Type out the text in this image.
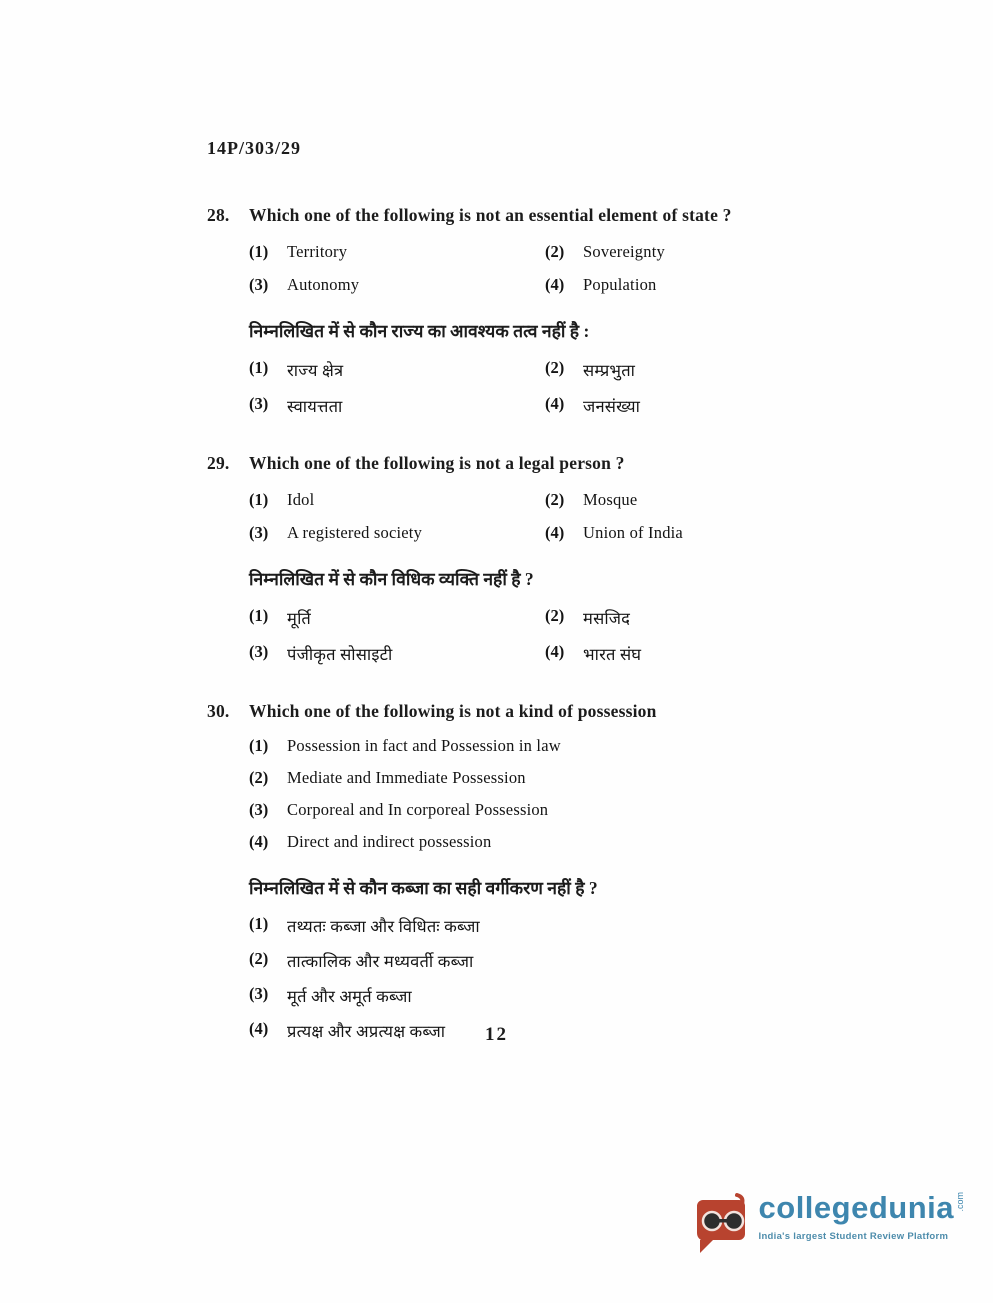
14P/303/29
28.	Which one of the following is not an essential element of state ?
(1)	Territory	(2)	Sovereignty
(3)	Autonomy	(4)	Population
निम्नलिखित में से कौन राज्य का आवश्यक तत्व नहीं है :
(1)	राज्य क्षेत्र	(2)	सम्प्रभुता
(3)	स्वायत्तता	(4)	जनसंख्या
29.	Which one of the following is not a legal person ?
(1)	Idol	(2)	Mosque
(3)	A registered society	(4)	Union of India
निम्नलिखित में से कौन विधिक व्यक्ति नहीं है ?
(1)	मूर्ति	(2)	मसजिद
(3)	पंजीकृत सोसाइटी	(4)	भारत संघ
30.	Which one of the following is not a kind of possession
(1)	Possession in fact and Possession in law
(2)	Mediate and Immediate Possession
(3)	Corporeal and In corporeal Possession
(4)	Direct and indirect possession
निम्नलिखित में से कौन कब्जा का सही वर्गीकरण नहीं है ?
(1)	तथ्यतः कब्जा और विधितः कब्जा
(2)	तात्कालिक और मध्यवर्ती कब्जा
(3)	मूर्त और अमूर्त कब्जा
(4)	प्रत्यक्ष और अप्रत्यक्ष कब्जा	12
collegedunia .com
India's largest Student Review Platform
